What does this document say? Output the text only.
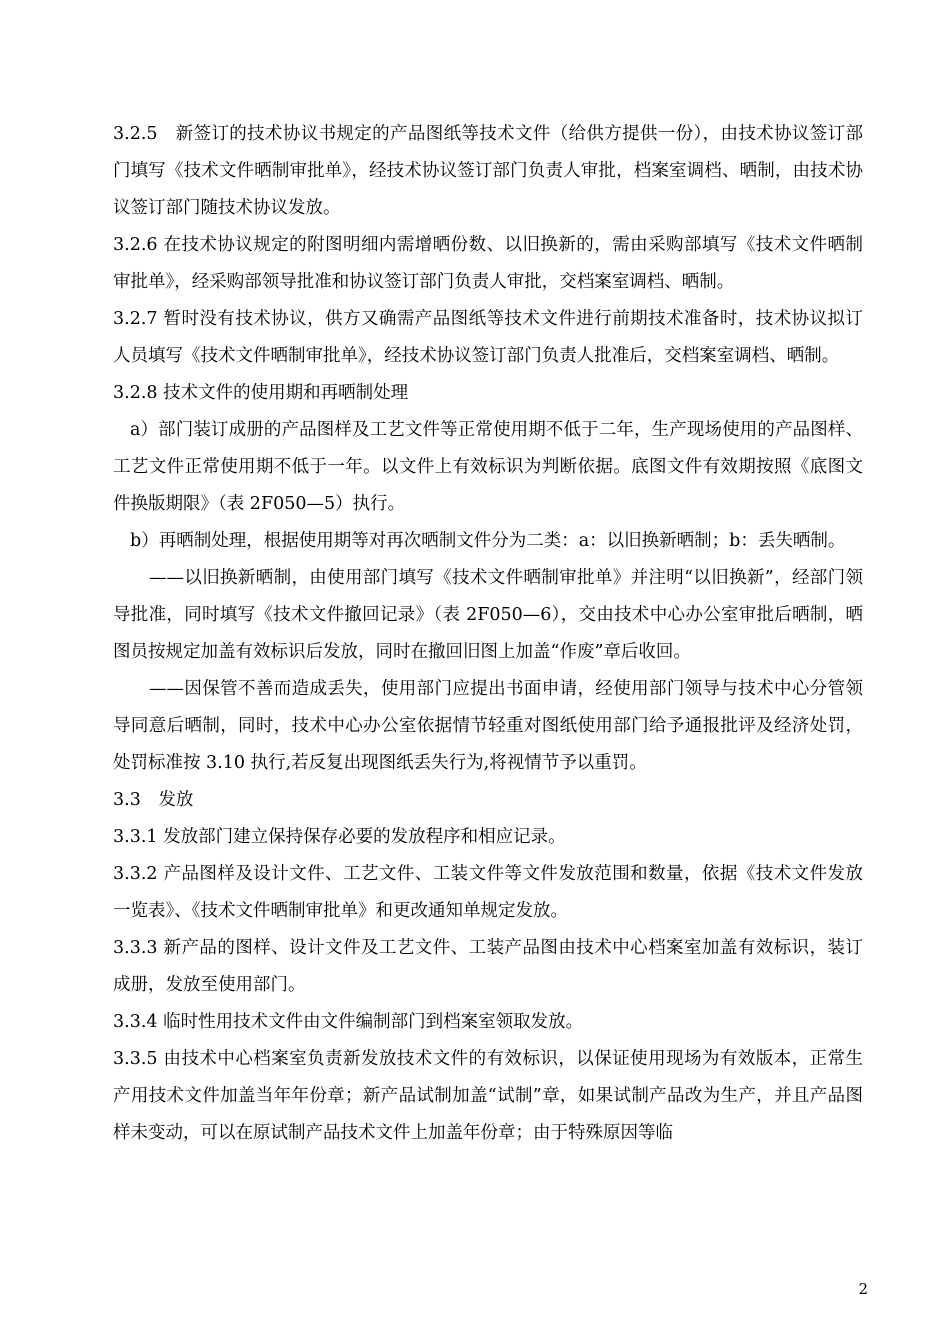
3.2.5　新签订的技术协议书规定的产品图纸等技术文件（给供方提供一份），由技术协议签订部门填写《技术文件晒制审批单》，经技术协议签订部门负责人审批，档案室调档、晒制，由技术协议签订部门随技术协议发放。

3.2.6 在技术协议规定的附图明细内需增晒份数、以旧换新的，需由采购部填写《技术文件晒制审批单》，经采购部领导批准和协议签订部门负责人审批，交档案室调档、晒制。

3.2.7 暂时没有技术协议，供方又确需产品图纸等技术文件进行前期技术准备时，技术协议拟订人员填写《技术文件晒制审批单》，经技术协议签订部门负责人批准后，交档案室调档、晒制。

3.2.8 技术文件的使用期和再晒制处理

a）部门装订成册的产品图样及工艺文件等正常使用期不低于二年，生产现场使用的产品图样、工艺文件正常使用期不低于一年。以文件上有效标识为判断依据。底图文件有效期按照《底图文件换版期限》（表 2F050—5）执行。

b）再晒制处理，根据使用期等对再次晒制文件分为二类：a：以旧换新晒制；b：丢失晒制。

——以旧换新晒制，由使用部门填写《技术文件晒制审批单》并注明“以旧换新”，经部门领导批准，同时填写《技术文件撤回记录》（表 2F050—6），交由技术中心办公室审批后晒制，晒图员按规定加盖有效标识后发放，同时在撤回旧图上加盖“作废”章后收回。

——因保管不善而造成丢失，使用部门应提出书面申请，经使用部门领导与技术中心分管领导同意后晒制，同时，技术中心办公室依据情节轻重对图纸使用部门给予通报批评及经济处罚，处罚标准按 3.10 执行,若反复出现图纸丢失行为,将视情节予以重罚。

3.3　发放

3.3.1 发放部门建立保持保存必要的发放程序和相应记录。

3.3.2 产品图样及设计文件、工艺文件、工装文件等文件发放范围和数量，依据《技术文件发放一览表》、《技术文件晒制审批单》和更改通知单规定发放。

3.3.3 新产品的图样、设计文件及工艺文件、工装产品图由技术中心档案室加盖有效标识，装订成册，发放至使用部门。

3.3.4 临时性用技术文件由文件编制部门到档案室领取发放。

3.3.5 由技术中心档案室负责新发放技术文件的有效标识，以保证使用现场为有效版本，正常生产用技术文件加盖当年年份章；新产品试制加盖“试制”章，如果试制产品改为生产，并且产品图样未变动，可以在原试制产品技术文件上加盖年份章；由于特殊原因等临

2
